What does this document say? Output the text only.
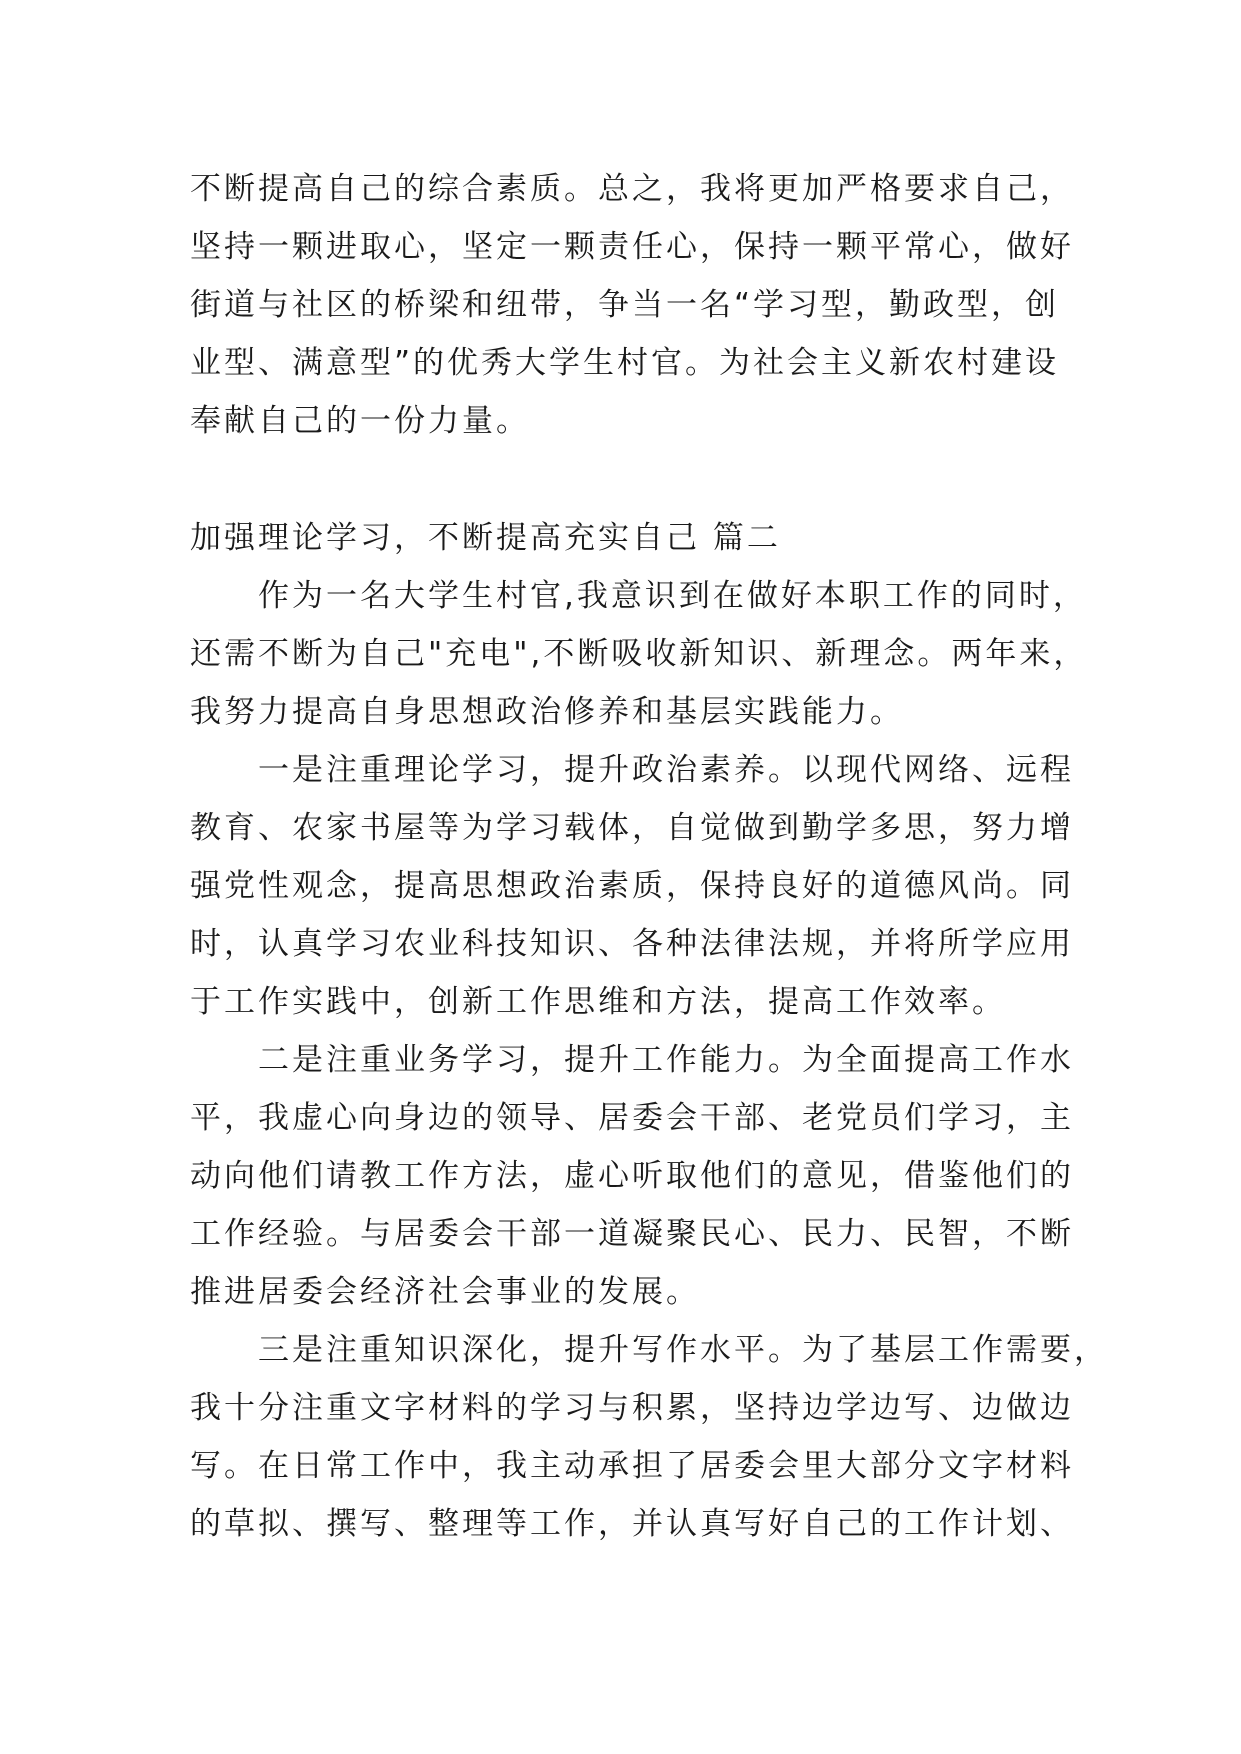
不断提高自己的综合素质。总之，我将更加严格要求自己，

坚持一颗进取心，坚定一颗责任心，保持一颗平常心，做好

街道与社区的桥梁和纽带，争当一名“学习型，勤政型，创

业型、满意型”的优秀大学生村官。为社会主义新农村建设

奉献自己的一份力量。

加强理论学习，不断提高充实自己 篇二

作为一名大学生村官,我意识到在做好本职工作的同时，

还需不断为自己"充电",不断吸收新知识、新理念。两年来，

我努力提高自身思想政治修养和基层实践能力。

一是注重理论学习，提升政治素养。以现代网络、远程

教育、农家书屋等为学习载体，自觉做到勤学多思，努力增

强党性观念，提高思想政治素质，保持良好的道德风尚。同

时，认真学习农业科技知识、各种法律法规，并将所学应用

于工作实践中，创新工作思维和方法，提高工作效率。

二是注重业务学习，提升工作能力。为全面提高工作水

平，我虚心向身边的领导、居委会干部、老党员们学习，主

动向他们请教工作方法，虚心听取他们的意见，借鉴他们的

工作经验。与居委会干部一道凝聚民心、民力、民智，不断

推进居委会经济社会事业的发展。

三是注重知识深化，提升写作水平。为了基层工作需要，

我十分注重文字材料的学习与积累，坚持边学边写、边做边

写。在日常工作中，我主动承担了居委会里大部分文字材料

的草拟、撰写、整理等工作，并认真写好自己的工作计划、
